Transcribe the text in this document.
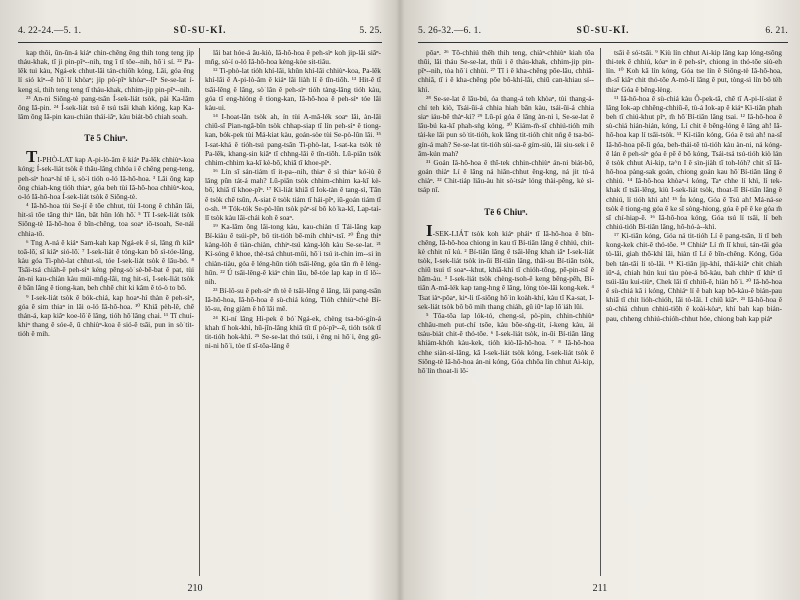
4. 22-24.—5. 1.	SŪ-SU-KĪ.	5. 25.

kap thôi, ūn-ûn-á kiáⁿ chin-chêng êng thih tong teng jip tháu-khak, tī ji pin-pîⁿ--nih, tng î tī tôe--nih, hō͘ i sí. ²² Pa-lêk tui kàu, Ngá-ek chhut-lâi tán-chiōh kóng, Lâi, góa êng lí sió kìⁿ--ê hō͘ lí khòaⁿ; jip pò͘-pîⁿ khòaⁿ--lîⁿ Se-se-lat í-keng sí, thih teng teng tī tháu-khak, chhim-jip pin-pîⁿ--nih.

²³ An-ni Siōng-tè pang-tsān Í-sek-liát tsòk, pài Ka-lâm ông Iâ-pin. ²⁴ Í-sek-liát tsú ê tsú tsāi khah kióng, kap Ka-lâm ông Iâ-pin kau-chiàn thái-iâⁿ, kàu biát-bô chiah soah.

Tē 5 Chiuⁿ.

TI-PHÒ-LAT kap A-pi-lò-âm ê kiáⁿ Pa-lêk chhiùⁿ-koa kóng; Í-sek-liát tsòk ê thâu-lâng chhóa i ê chêng peng-teng, peh-sìⁿ hoaⁿ-hí tē i, sò͘-i tióh o-ló Iâ-hô-hoa. ³ Lâi ông kap ông chiah-kng tióh thiaⁿ, góa beh tùi Iâ-hô-hoa chhiùⁿ-koa, o-ló Iâ-hô-hoa Í-sek-liát tsòk ê Siōng-tè.

⁴ Iâ-hô-hoa tùi Se-jí ê tōe chhut, tùi I-tong ê chhân lâi, hit-sì tōe tāng thiⁿ lân, bāt hūn lóh hō͘. ⁵ Tī I-sek-liát tsòk Siōng-tè Iâ-hô-hoa ê bīn-chêng, toa soaⁿ iō-tsoah, Se-nái chhia-tô.

⁶ Tng A-ná ê kiáⁿ Sam-kah kap Ngá-ek ê sì, lâng m̄ kiâⁿ toā-lō͘, sī kiâⁿ sió-lō͘. ⁷ I-sek-liát ê tóng-kan bô sì-tóe-lâng, kàu góa Ti-phò-lat chhut-sì, tóe I-sek-liát tsòk ê lāu-bó. ⁸ Tsāi-tsá chiáh-ê peh-sìⁿ kéng pêng-sò͘ sè-bē-bat ê pat, tùi àn-ni kau-chiàn kàu múi-mn̂g-lâi, tng hit-sì, I-sek-liát tsòk ê bān lâng ê tiong-kan, beh chhē chit ki kâm ê tó-ò to bô.

⁹ I-sek-liát tsòk ê bók-chiá, kap hoaⁿ-hí thàn ê peh-sìⁿ, góa ê sim thiaⁿ in lâi o-ló Iâ-hô-hoa. ¹⁰ Khiâ pèh-lê, chē thán-á, kap kiâⁿ koe-lō͘ ê lâng, tióh hō͘ lâng chai. ¹¹ Tī chuí-khiⁿ thang ê sóe-ê, ū chhiùⁿ-koa ê sió-ê tsāi, pun in sò͘ tit-tióh ê mih.

lâi bat hóe-á āu-kiò, Iâ-hô-hoa ê peh-sìⁿ koh jip-lâi siâⁿ-mn̂g, sò͘-í o-ló Iâ-hô-hoa kèng-kòe sit-tiâu.

¹² Ti-phò-lat tióh khí-lâi, khûn khí-lâi chhiùⁿ-koa, Pa-lêk khí-lâi ê A-pi-lò-âm ê kiáⁿ lâi liàh lí ê tīn-tiōh. ¹³ Hit-ê tī tsāi-lêng ê lâng, sò͘ lân ê peh-sìⁿ tióh tàng-lâng tióh kàu, góa tī eng-hióng ê tiong-kan, Iâ-hô-hoa ê peh-sìⁿ tóe lâi kàu-ui.

¹⁴ I-hoat-lân tsòk ah, ín tùi A-mâ-lék soaⁿ lâi, àn-lâi chiū-sī Pian-ngâ-bîn tsòk chhap-siap tī lín peh-sìⁿ ê tiong-kan, bók-pek tùi Má-kiat kàu, goán-sòe tùi Se-pò-lûn lâi. ¹⁵ I-sat-khá ê tióh-tsú pang-tsān Ti-phò-lat, I-sat-ka tsòk tè Pa-lêk, khang-sin kiâⁿ tī chhng-lâi ê tīn-tiōh. Lū-piān tsòk chhim-chhim ka-kī kè-bō͘, khiā tī khoe-pîⁿ.

¹⁶ Lín sī sán-tiám tī it-pa--nih, thiaⁿ ê sì thiaⁿ kó͘-iù ê lâng pûn tát-á mah? Lū-piān tsòk chhim-chhim ka-kī kè-bō͘, khiā tī khoe-pîⁿ. ¹⁷ Ki-liát khiā tī Iok-tàn ê tang-sì, Tān ê tsòk chē tsûn, A-siat ê tsòk tiám tī hái-pîⁿ, iū-goán tiám tī o-sh. ¹⁸ Tók-tók Se-pò-lûn tsòk pàⁿ-sí bô kò͘ ka-kī, Lap-tai-lī tsòk kàu lāi-chái koh ê soaⁿ.

¹⁹ Ka-lâm ông lâi-tong kàu, kau-chiàn tī Tái-lăng kap Bí-kiàu ê tsúi-pîⁿ, bô tit-tióh bē-mih chhiⁿ-tsî. ²⁰ Êng thiⁿ kàng-lóh ê tiàn-chiàn, chhiⁿ-tsú kàng-lóh kàu Se-se-lat. ²¹ Kí-sóng ê khoe, thè-tsá chhut-mûi, hō͘ i tsú it-chin im--si in chiàn-tiàu, góa ê léng-hūn tióh tsāi-lêng, góa tān m̄ ê léng-hūn. ²² Ú tsāi-lêng-ê kiáⁿ chin lâu, bē-tóe lap kap in tī lô͘--nih.

²³ Bí-lô-su ê peh-sìⁿ m̄ tè ê tsāi-lêng ê lâng, lâi pang-tsān Iâ-hô-hoa, Iâ-hô-hoa ê sù-chiá kóng, Tióh chhiùⁿ-chè Bí-lô-su, êng giàm ê hō͘ lâi mê.

²⁴ Ki-ní lâng Hi-pek ê bó͘ Ngá-ek, chèng tsa-bó͘-gín-á khah tī hok-khì, hū-jîn-lâng khiā tīt tī pò͘-pîⁿ--ê, tióh tsòk tī tit-tióh hok-khì. ²⁵ Se-se-lat thó tsúi, i êng ni hō͘ i, êng gû-ni-ni hō͘ i, tòe tī sī-tōa-lâng ê

210
5. 26-32.—6. 1.	SŪ-SU-KĪ.	6. 21.

pôaⁿ. ²⁶ Tô-chhiú thêh thih teng, chiàⁿ-chhiùⁿ kiah tōa thûi, lâi tháu Se-se-lat, thûi i ê tháu-khak, chhim-jip pin-pîⁿ--nih, tòa hō͘ i chhùi. ²⁷ Tī i ê kha-chêng pōe-lâu, chhiâ-chhiâ, tī i ê kha-chêng pōe bô-khí-lâi, chiū can-khiau sí--khì.

²⁸ Se-se-lat ê lāu-bú, óa thang-á teh khòaⁿ, tùi thang-á-chí teh kiò, Tsái-ūi-á chhia hiah bān kàu, tsái-ūi-á chhia siaⁿ iáu-bē thàⁿ-kì? ²⁹ Lū-pí góa ê lâng àn-ni ì, Se-se-lat ê lāu-bú ka-kī phah-sǹg kóng, ³⁰ Kiám-m̄-sī chhiú-tióh mih tài-ke lâi pun sò͘ tit-tióh, kok lâng tit-tióh chit nn̄g ê tsa-bó͘-gín-á mah? Se-se-lat tit-tióh sùi-sa-ê gím-siù, lâi siu-sek i ê âm-kún mah?

³¹ Goán Iâ-hô-hoa ê thī-tek chhin-chhiùⁿ án-ni biát-bô, goán thiàⁿ Lí ê lâng ná hiân-chhut êng-kng, ná jit tú-á chiàⁿ. ³² Chit-tiáp liâu-àu hit sò͘-tsáⁿ lóng thài-pêng, kè sì-tsáp nî.

Tē 6 Chiuⁿ.

I-SEK-LIÁT tsòk koh kiáⁿ pháiⁿ tī Iâ-hô-hoa ê bīn-chêng, Iâ-hô-hoa chiong in kau tī Bí-tiân lâng ê chhiú, chit-kè chhit nî kú. ² Bí-tiân lâng ê tsāi-lêng khah iâⁿ I-sek-liát tsòk, I-sek-liát tsòk in-ūi Bí-tiân lâng, thāi-su Bí-tiân tsòk, chiū tsui tī soaⁿ--khut, khiā-khí tī chióh-tōng, pē-pin-tsī ê hām-àu. ³ I-sek-liát tsòk chèng-tsoh-ê keng bêng-pêh, Bí-tiân A-mâ-lék kap tang-hng ê lâng, lóng tòe-lâi kong-kek. ⁴ Tsat iàⁿ-pôaⁿ, kiⁿ-li tī-siōng hō͘ in koàh-khí, kàu tī Ka-sat, I-sek-liát tsòk bô bô mih thang chiáh, gû iūⁿ lap lō͘ iáh lûi.

⁵ Tōa-tōa lap lók-tó, cheng-sì, pò͘-pin, chhin-chhiùⁿ chhâu-meh put-chí tsōe, kàu bōe-sǹg-tit, í-keng kàu, ài tsàu-biát chit-ê thó-tōe. ⁶ I-sek-liát tsòk, in-ūi Bí-tiân lâng khiàm-khóh kàu-kek, tióh kiò-Iâ-hô-hoa. ⁷ ⁸ Iâ-hô-hoa chhe siàn-sì-lâng, kā I-sek-liát tsòk kóng, I-sek-liát tsòk ê Siōng-tè Iâ-hô-hoa án-ni kóng, Góa chhōa lín chhut Ai-kip, hō͘ lín thoat-li lō͘-

tsāi ê só͘-tsāi. ⁹ Kiù lín chhut Ai-kip lâng kap lóng-tsōng thi-tek ê chhiú, kóaⁿ in ê peh-sìⁿ, chiong in thó-tōe siù-eh lín. ¹⁰ Koh kā lín kóng, Góa tse lín ê Siōng-tè Iâ-hô-hoa, m̄-sī kiâⁿ chit thó-tōe A-mò-lí lâng ê put, tòng-sì lín bô tèh thiaⁿ Góa ê bêng-lèng.

¹¹ Iâ-hô-hoa ê sù-chiá kàu Ô-pek-tâ, chē tī A-pi-lí-siat ê lâng Iok-ap chhêng-chhiū-ē, tù-á Iok-ap ê kiáⁿ Kì-tiân phah beh tī chiú-khut pîⁿ, m̄ hō͘ Bí-tiân lâng tsai. ¹² Iâ-hô-hoa ê sù-chiá hián-hián, kóng, Lí chit ê bêng-lóng ê lâng ah! Iâ-hô-hoa kap lí tsāi-tsòk. ¹³ Kì-tiân kóng, Góa ê tsú ah! na-sī Iâ-hô-hoa pê-lì góa, beh-thái-tē tú-tióh kàu àn-ni, ná kóng-ê lán ê peh-sìⁿ góa ê pē ê bô kóng, Tsái-tsá tsú-tióh kiò lán ê tsòk chhut Ai-kip, ta^n I ê sìn-jiàh tī toh-lóh? chit sī Iâ-hô-hoa pàng-sak goán, chiong goán kau hō͘ Bí-tiân lâng ê chhiú. ¹⁴ Iâ-hô-hoa khòaⁿ-i kóng, Taⁿ chhe lí khì, lí tek-khak tī tsāi-lêng, kiù I-sek-liát tsòk, thoat-lī Bí-tiân lâng ê chhiú, lí tióh khì ah! ¹⁵ Ín kóng, Góa ê Tsú ah! Má-ná-se tsòk ê tiong-ng góa ê ke sī sòng-hiong, góa ê pē ê ke góa m̄ sī chí-hiap-ê. ¹⁶ Iâ-hô-hoa kóng, Góa tsú lí tsāi, lí beh chhiú-tióh Bí-tiân lâng, hô-hó-à--khì.

¹⁷ Kì-tiân kóng, Góa ná tit-tióh Lí ê pang-tsān, lí tī beh kong-kek chit-ê thó-tōe. ¹⁸ Chhiáⁿ Lí m̄ lī khui, tán-tāi góa tò-lâi, giah thō͘-khì lâi, hiàn tī Lí ê bīn-chêng. Kóng, Góa beh tán-tāi lí tò-lâi. ¹⁹ Kì-tiân jip-khì, thâi-kiâⁿ chit chiah iûⁿ-á, chiah hún kui tàu pòe-á bô-kàu, bah chhìⁿ tī khìⁿ tī tsúi-lāu kui-tiùⁿ, Chek lâi tī chhiū-ē, hiàn hō͘ i. ²⁰ Iâ-hô-hoa ê sù-chiá kā i kóng, Chhiáⁿ lí ê bah kap bô-kàu-ê bián-pau khiā tī chit lióh-chióh, lâi tò-lâi. I chiū kiâⁿ. ²¹ Iâ-hô-hoa ê sù-chiá chhun chhiú-tiōh ê koài-kòaⁿ, khí bah kap bián-pau, chheng chhiú-chióh-chhut hóe, chiong bah kap piáⁿ

211
